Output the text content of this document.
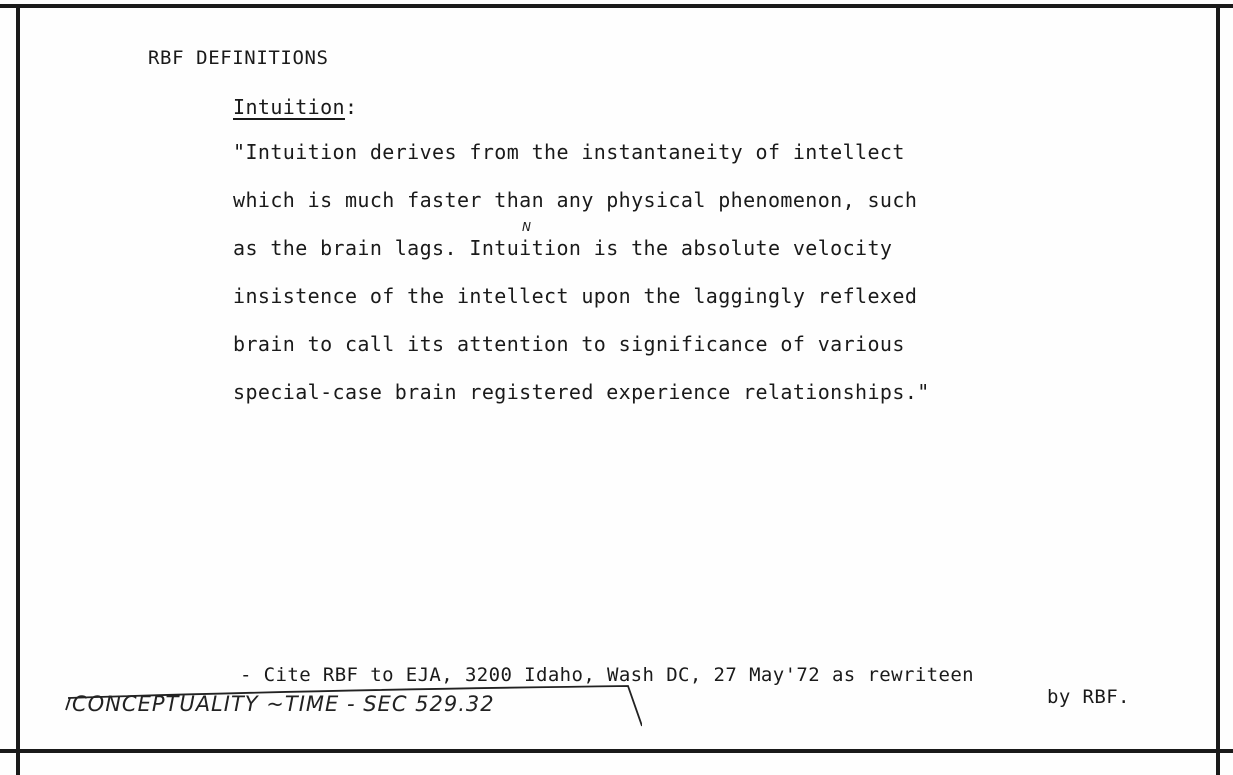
RBF DEFINITIONS
Intuition:
"Intuition derives from the instantaneity of intellect
which is much faster than any physical phenomenon, such
as the brain lags. Intuition is the absolute velocity
insistence of the intellect upon the laggingly reflexed
brain to call its attention to significance of various
special-case brain registered experience relationships."
N
- Cite RBF to EJA, 3200 Idaho, Wash DC, 27 May'72 as rewriteen
by RBF.
CONCEPTUALITY ~TIME - SEC 529.32
